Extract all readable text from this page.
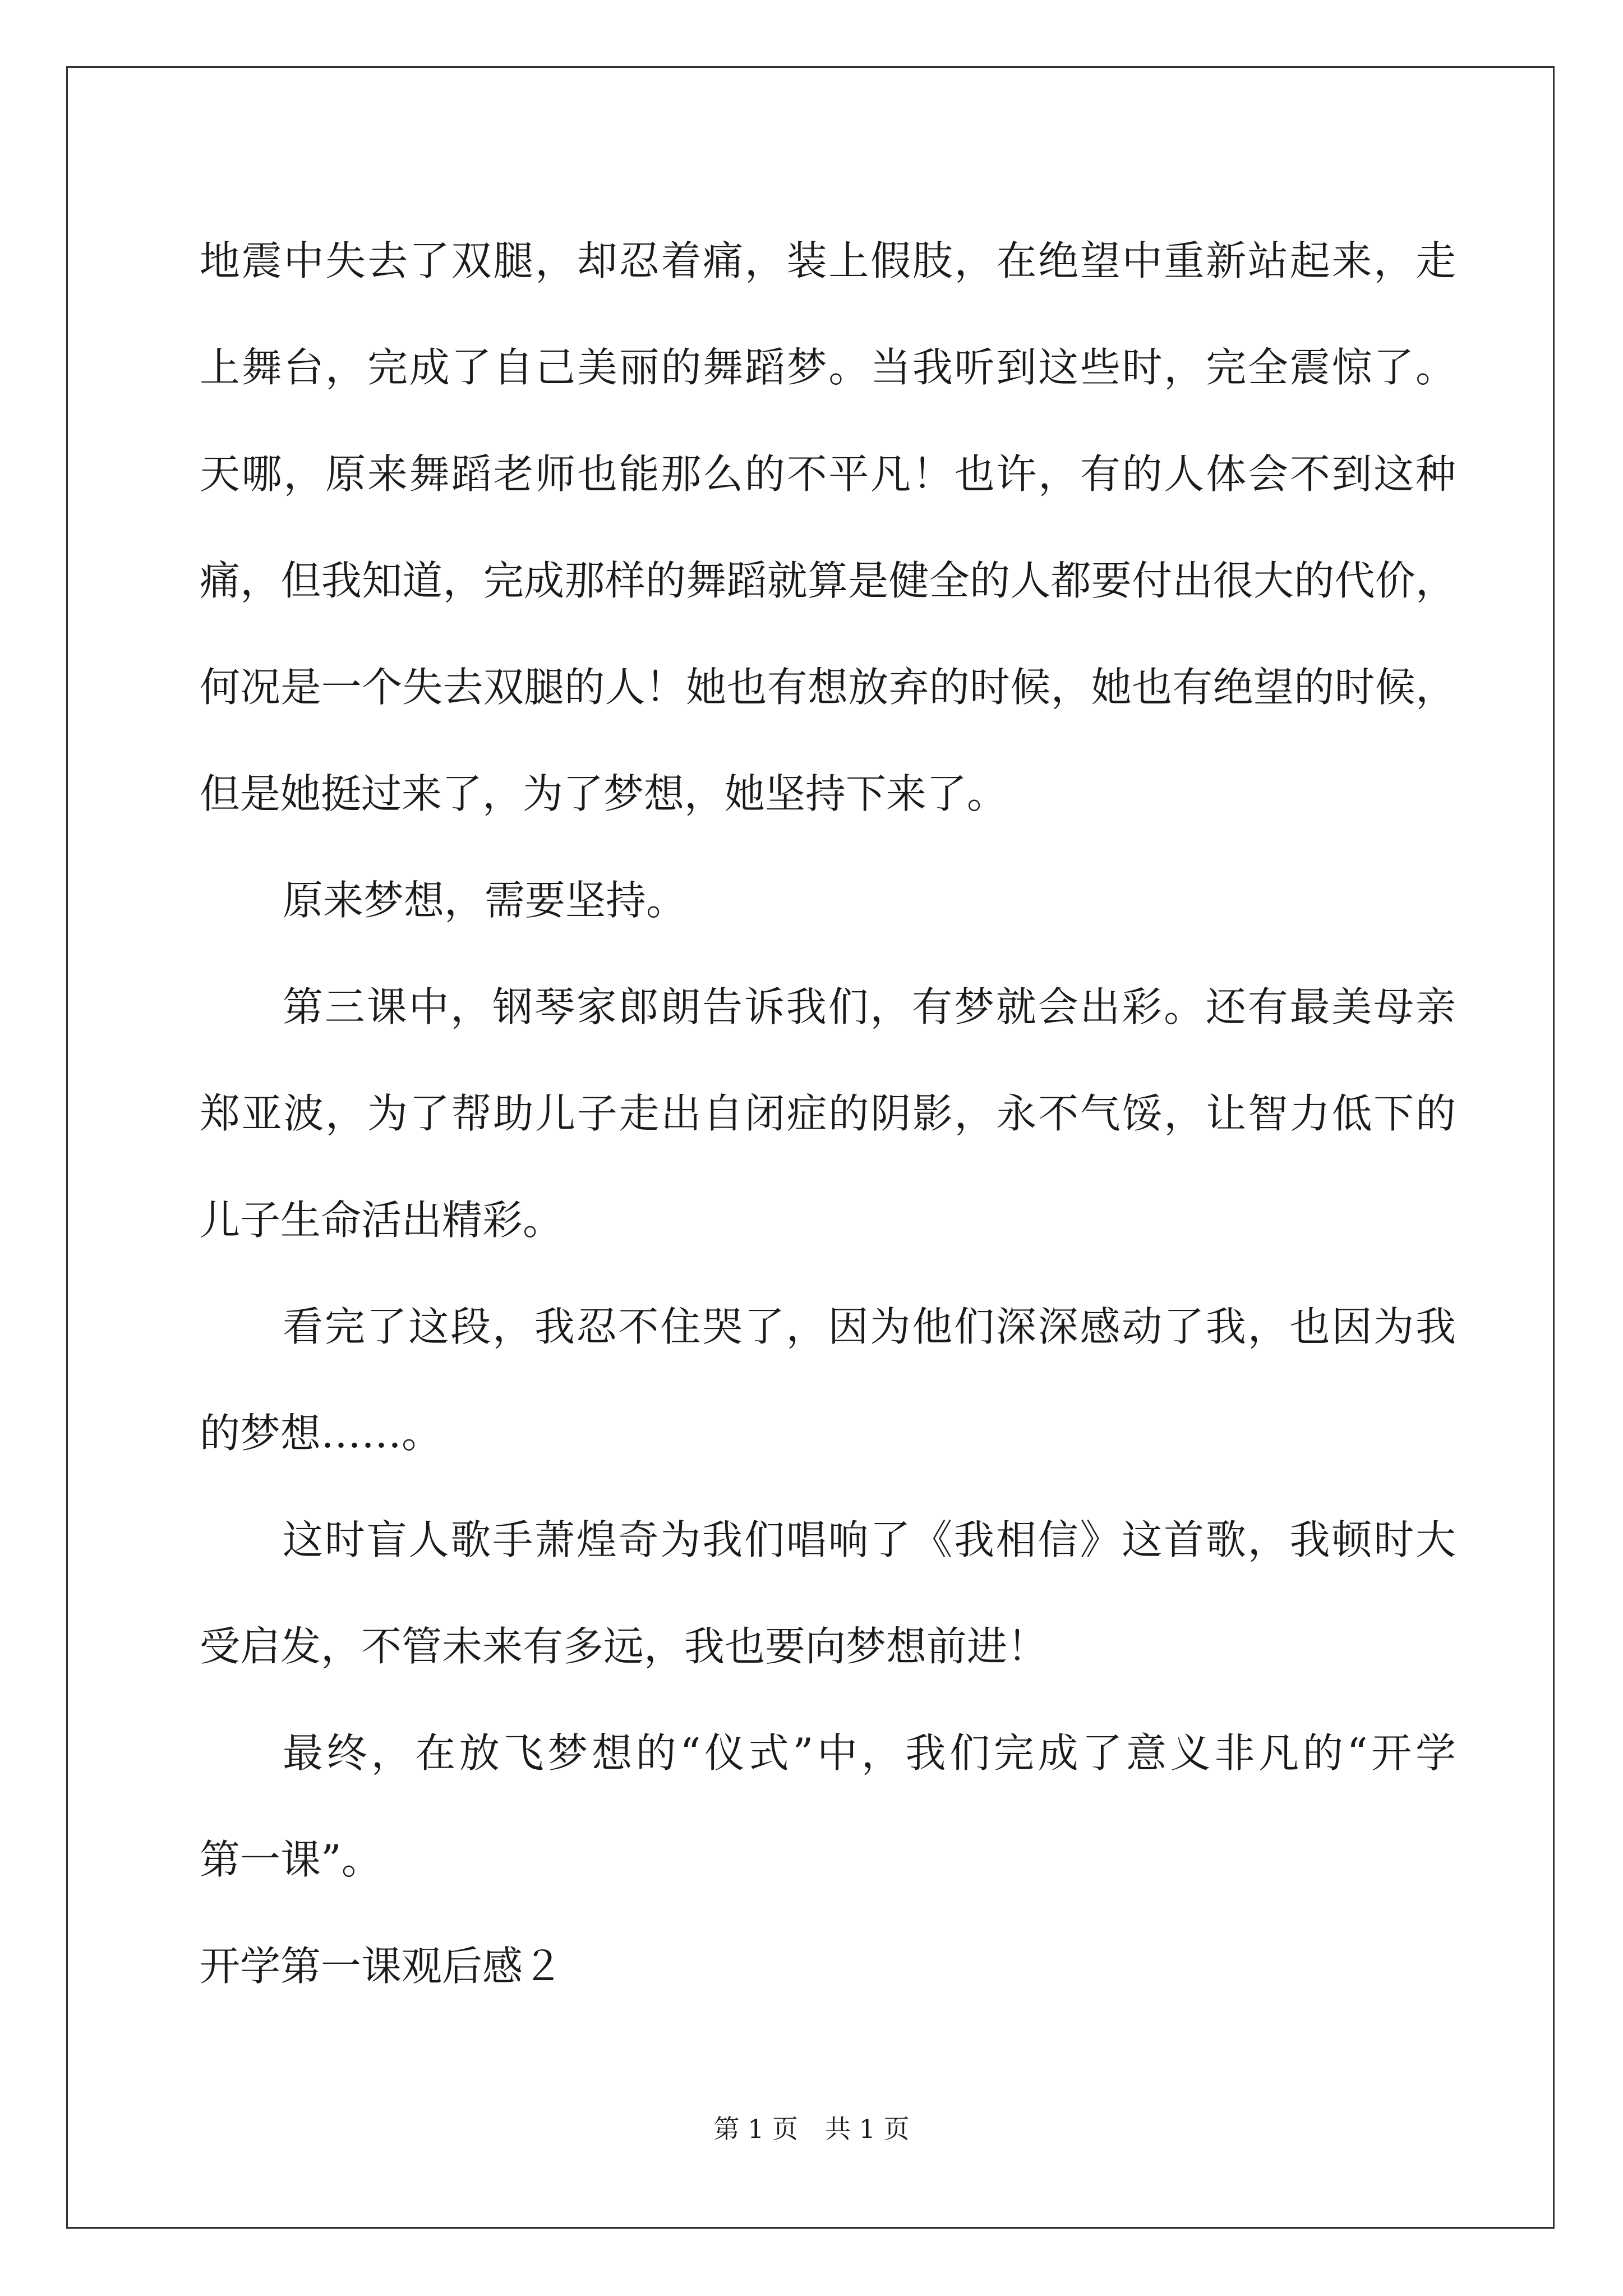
地震中失去了双腿，却忍着痛，装上假肢，在绝望中重新站起来，走
上舞台，完成了自己美丽的舞蹈梦。当我听到这些时，完全震惊了。
天哪，原来舞蹈老师也能那么的不平凡！也许，有的人体会不到这种
痛，但我知道，完成那样的舞蹈就算是健全的人都要付出很大的代价，
何况是一个失去双腿的人！她也有想放弃的时候，她也有绝望的时候，
但是她挺过来了，为了梦想，她坚持下来了。
原来梦想，需要坚持。
第三课中，钢琴家郎朗告诉我们，有梦就会出彩。还有最美母亲
郑亚波，为了帮助儿子走出自闭症的阴影，永不气馁，让智力低下的
儿子生命活出精彩。
看完了这段，我忍不住哭了，因为他们深深感动了我，也因为我
的梦想……。
这时盲人歌手萧煌奇为我们唱响了《我相信》这首歌，我顿时大
受启发，不管未来有多远，我也要向梦想前进！
最终，在放飞梦想的“仪式”中，我们完成了意义非凡的“开学
第一课”。
开学第一课观后感２
第 1 页 共 1 页
